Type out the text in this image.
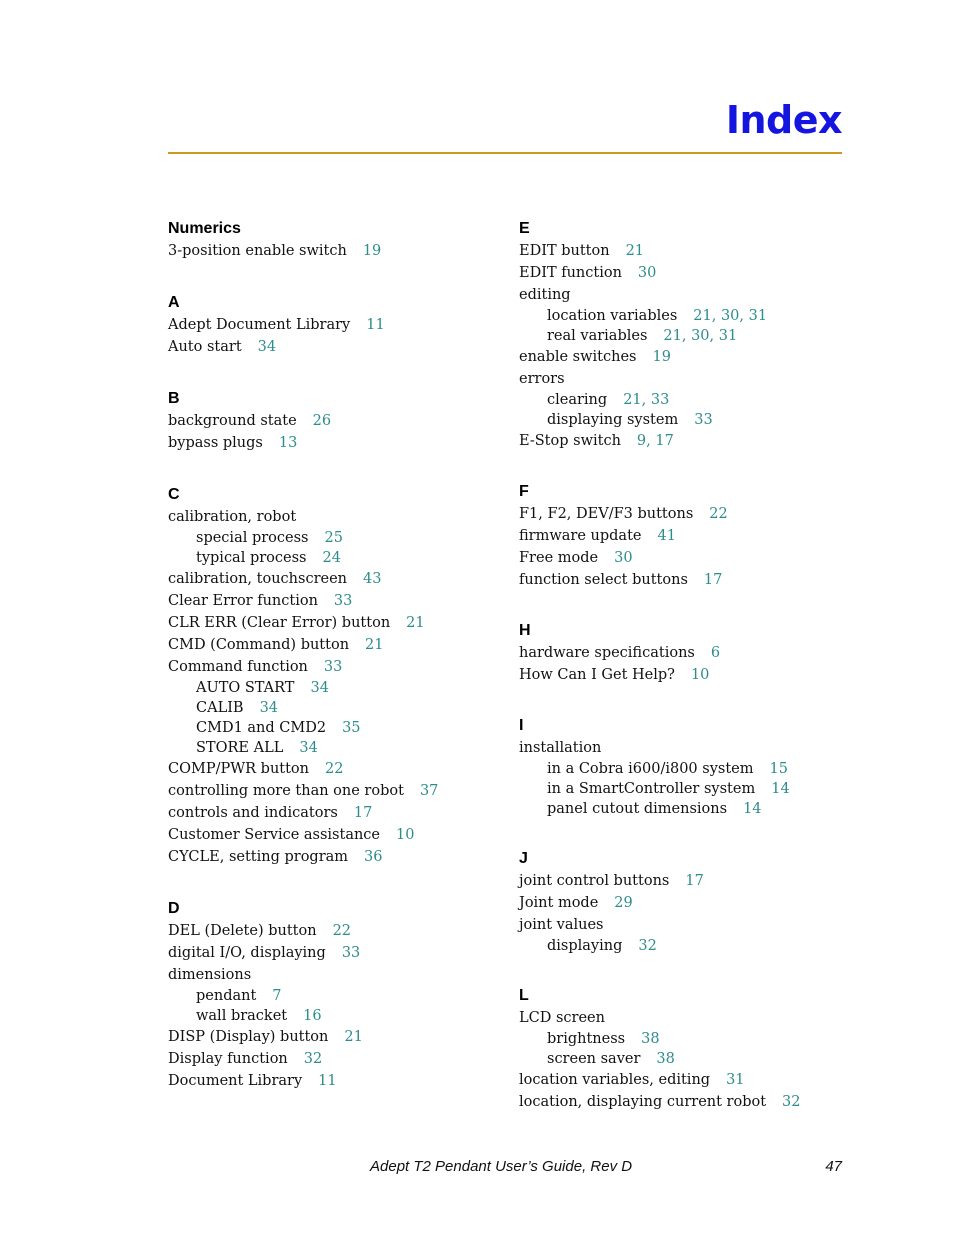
Index
Numerics
3-position enable switch 19
A
Adept Document Library 11
Auto start 34
B
background state 26
bypass plugs 13
C
calibration, robot
special process 25
typical process 24
calibration, touchscreen 43
Clear Error function 33
CLR ERR (Clear Error) button 21
CMD (Command) button 21
Command function 33
AUTO START 34
CALIB 34
CMD1 and CMD2 35
STORE ALL 34
COMP/PWR button 22
controlling more than one robot 37
controls and indicators 17
Customer Service assistance 10
CYCLE, setting program 36
D
DEL (Delete) button 22
digital I/O, displaying 33
dimensions
pendant 7
wall bracket 16
DISP (Display) button 21
Display function 32
Document Library 11
E
EDIT button 21
EDIT function 30
editing
location variables 21, 30, 31
real variables 21, 30, 31
enable switches 19
errors
clearing 21, 33
displaying system 33
E-Stop switch 9, 17
F
F1, F2, DEV/F3 buttons 22
firmware update 41
Free mode 30
function select buttons 17
H
hardware specifications 6
How Can I Get Help? 10
I
installation
in a Cobra i600/i800 system 15
in a SmartController system 14
panel cutout dimensions 14
J
joint control buttons 17
Joint mode 29
joint values
displaying 32
L
LCD screen
brightness 38
screen saver 38
location variables, editing 31
location, displaying current robot 32
Adept T2 Pendant User’s Guide, Rev D	47
